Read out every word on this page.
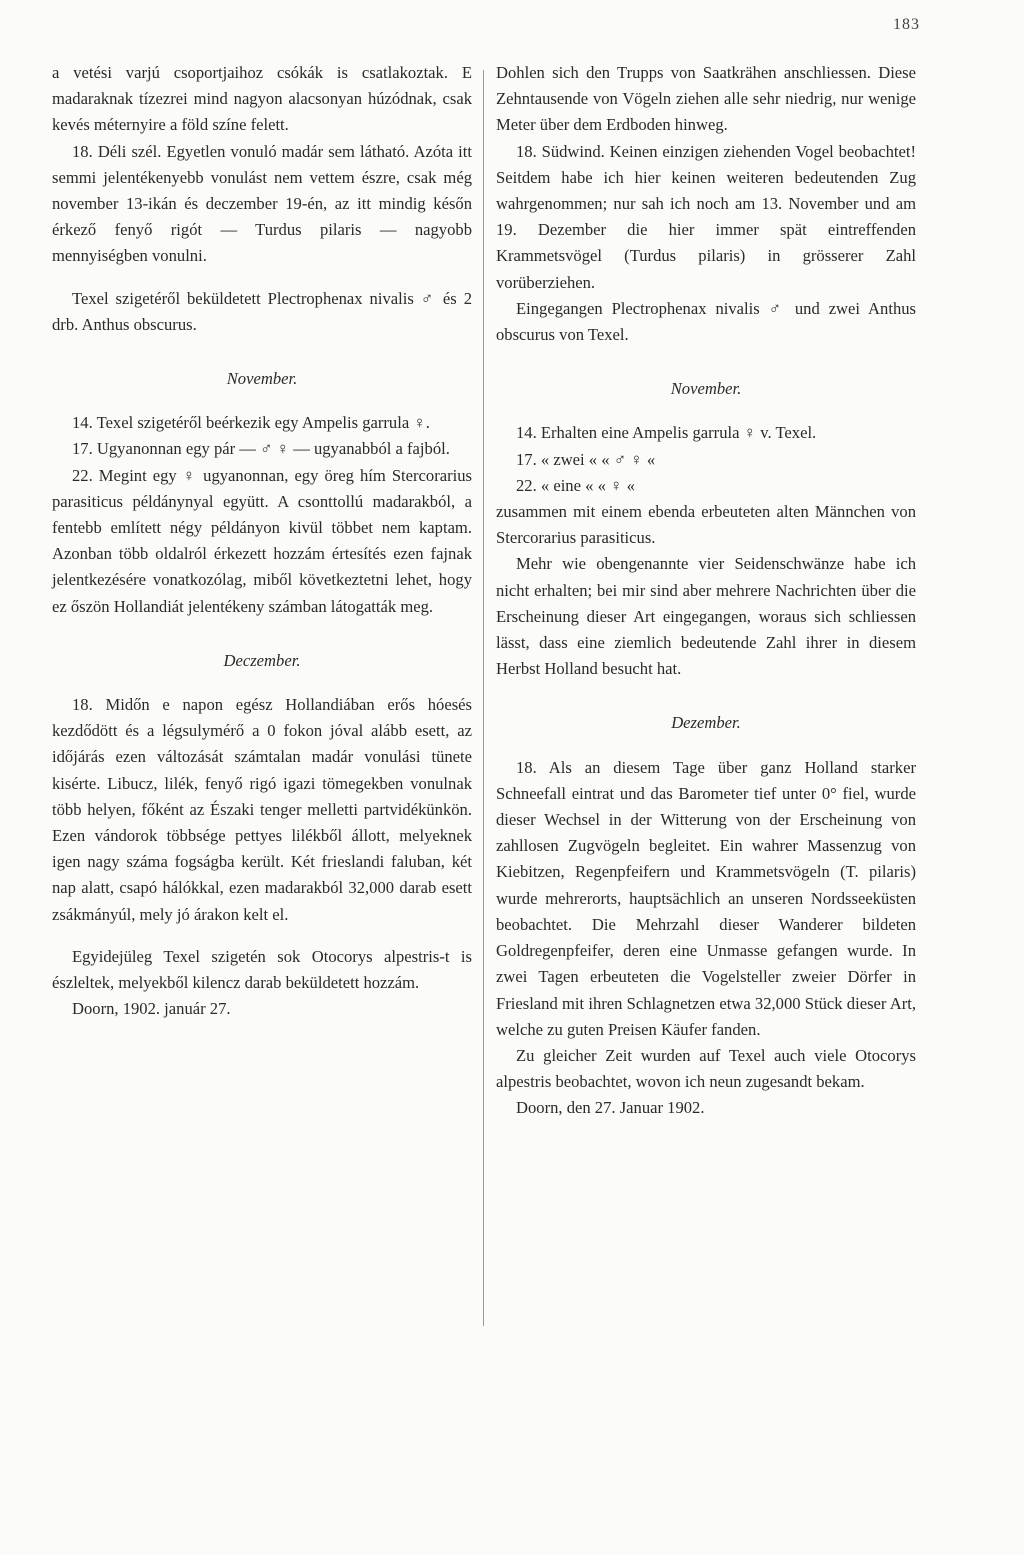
183

a vetési varjú csoportjaihoz csókák is csatlakoztak. E madaraknak tízezrei mind nagyon alacsonyan húzódnak, csak kevés méternyire a föld színe felett.

18. Déli szél. Egyetlen vonuló madár sem látható. Azóta itt semmi jelentékenyebb vonulást nem vettem észre, csak még november 13-ikán és deczember 19-én, az itt mindig későn érkező fenyő rigót — Turdus pilaris — nagyobb mennyiségben vonulni.

Texel szigetéről beküldetett Plectrophenax nivalis ♂ és 2 drb. Anthus obscurus.

November.

14. Texel szigetéről beérkezik egy Ampelis garrula ♀.

17. Ugyanonnan egy pár — ♂ ♀ — ugyanabból a fajból.

22. Megint egy ♀ ugyanonnan, egy öreg hím Stercorarius parasiticus példánynyal együtt. A csonttollú madarakból, a fentebb említett négy példányon kivül többet nem kaptam. Azonban több oldalról érkezett hozzám értesítés ezen fajnak jelentkezésére vonatkozólag, miből következtetni lehet, hogy ez őszön Hollandiát jelentékeny számban látogatták meg.

Deczember.

18. Midőn e napon egész Hollandiában erős hóesés kezdődött és a légsulymérő a 0 fokon jóval alább esett, az időjárás ezen változását számtalan madár vonulási tünete kisérte. Libucz, lilék, fenyő rigó igazi tömegekben vonulnak több helyen, főként az Északi tenger melletti partvidékünkön. Ezen vándorok többsége pettyes lilékből állott, melyeknek igen nagy száma fogságba került. Két frieslandi faluban, két nap alatt, csapó hálókkal, ezen madarakból 32,000 darab esett zsákmányúl, mely jó árakon kelt el.

Egyidejüleg Texel szigetén sok Otocorys alpestris-t is észleltek, melyekből kilencz darab beküldetett hozzám.

Doorn, 1902. január 27.

Dohlen sich den Trupps von Saatkrähen anschliessen. Diese Zehntausende von Vögeln ziehen alle sehr niedrig, nur wenige Meter über dem Erdboden hinweg.

18. Südwind. Keinen einzigen ziehenden Vogel beobachtet! Seitdem habe ich hier keinen weiteren bedeutenden Zug wahrgenommen; nur sah ich noch am 13. November und am 19. Dezember die hier immer spät eintreffenden Krammetsvögel (Turdus pilaris) in grösserer Zahl vorüberziehen.

Eingegangen Plectrophenax nivalis ♂ und zwei Anthus obscurus von Texel.

November.

14. Erhalten eine Ampelis garrula ♀ v. Texel.

17. « zwei « « ♂ ♀ «

22. « eine « « ♀ «

zusammen mit einem ebenda erbeuteten alten Männchen von Stercorarius parasiticus.

Mehr wie obengenannte vier Seidenschwänze habe ich nicht erhalten; bei mir sind aber mehrere Nachrichten über die Erscheinung dieser Art eingegangen, woraus sich schliessen lässt, dass eine ziemlich bedeutende Zahl ihrer in diesem Herbst Holland besucht hat.

Dezember.

18. Als an diesem Tage über ganz Holland starker Schneefall eintrat und das Barometer tief unter 0° fiel, wurde dieser Wechsel in der Witterung von der Erscheinung von zahllosen Zugvögeln begleitet. Ein wahrer Massenzug von Kiebitzen, Regenpfeifern und Krammetsvögeln (T. pilaris) wurde mehrerorts, hauptsächlich an unseren Nordsseeküsten beobachtet. Die Mehrzahl dieser Wanderer bildeten Goldregenpfeifer, deren eine Unmasse gefangen wurde. In zwei Tagen erbeuteten die Vogelsteller zweier Dörfer in Friesland mit ihren Schlagnetzen etwa 32,000 Stück dieser Art, welche zu guten Preisen Käufer fanden.

Zu gleicher Zeit wurden auf Texel auch viele Otocorys alpestris beobachtet, wovon ich neun zugesandt bekam.

Doorn, den 27. Januar 1902.
